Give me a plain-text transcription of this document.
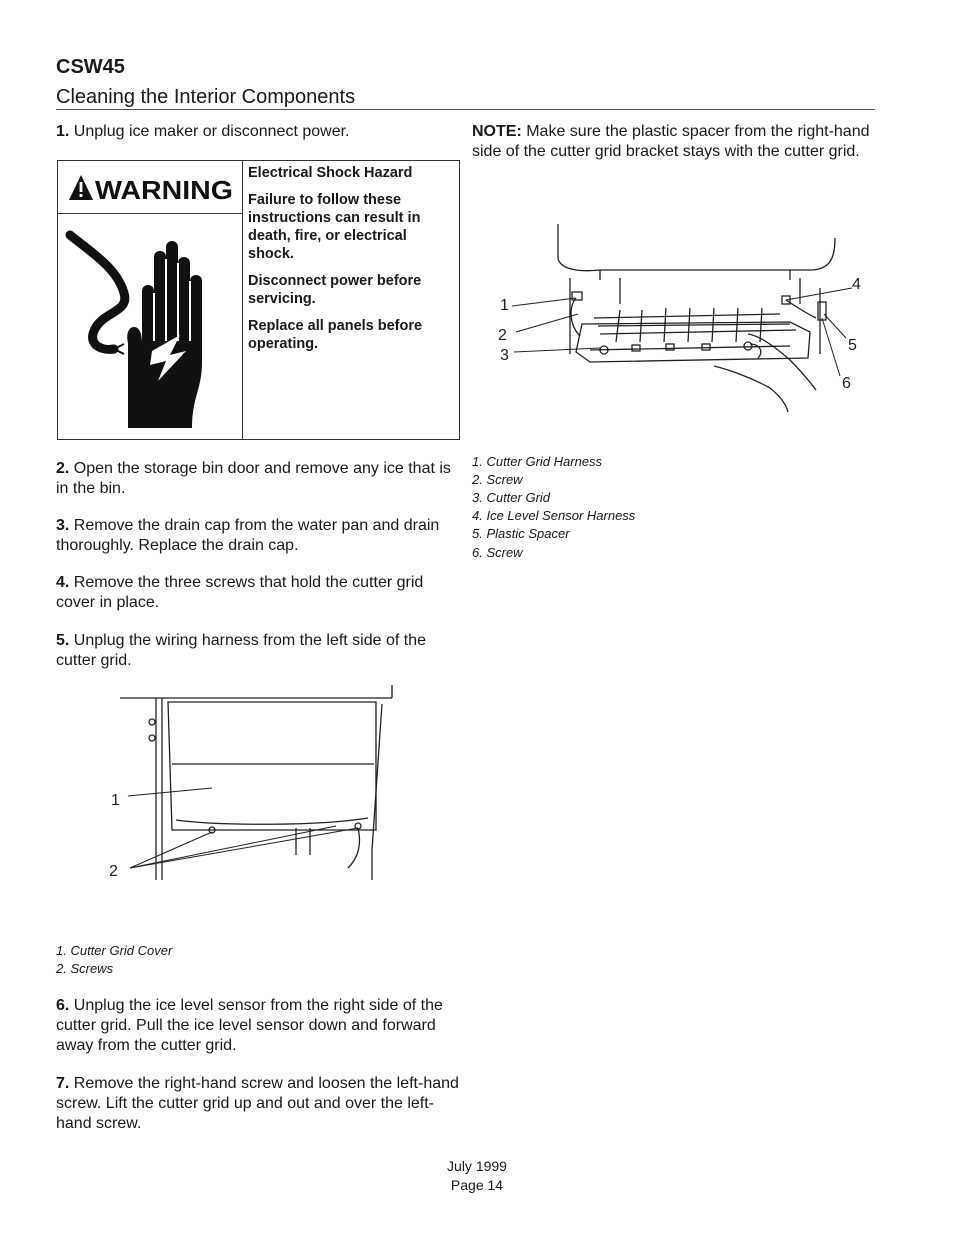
CSW45
Cleaning the Interior Components

1. Unplug ice maker or disconnect power.

WARNING

Electrical Shock Hazard

Failure to follow these instructions can result in death, fire, or electrical shock.

Disconnect power before servicing.

Replace all panels before operating.

2. Open the storage bin door and remove any ice that is in the bin.

3. Remove the drain cap from the water pan and drain thoroughly. Replace the drain cap.

4. Remove the three screws that hold the cutter grid cover in place.

5. Unplug the wiring harness from the left side of the cutter grid.

1
2

1. Cutter Grid Cover

2. Screws

6. Unplug the ice level sensor from the right side of the cutter grid. Pull the ice level sensor down and forward away from the cutter grid.

7. Remove the right-hand screw and loosen the left-hand screw. Lift the cutter grid up and out and over the left-hand screw.

NOTE: Make sure the plastic spacer from the right-hand side of the cutter grid bracket stays with the cutter grid.

1
2
3
4
5
6

1. Cutter Grid Harness

2. Screw

3. Cutter Grid

4. Ice Level Sensor Harness

5. Plastic Spacer

6. Screw

July 1999
Page 14
